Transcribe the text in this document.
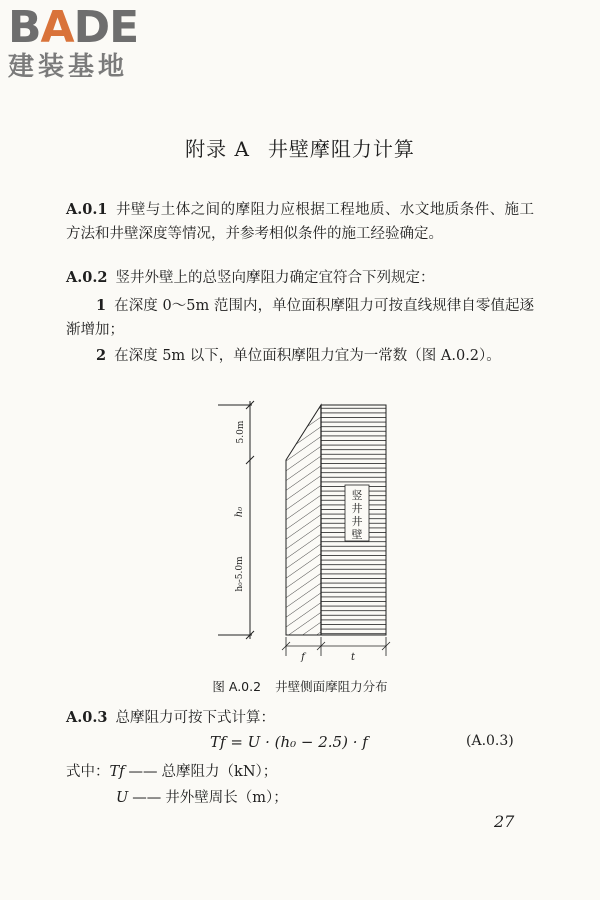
BADE
建装基地
附录 A 井壁摩阻力计算
A.0.1 井壁与土体之间的摩阻力应根据工程地质、水文地质条件、施工方法和井壁深度等情况，并参考相似条件的施工经验确定。
A.0.2 竖井外壁上的总竖向摩阻力确定宜符合下列规定：
1 在深度 0～5m 范围内，单位面积摩阻力可按直线规律自零值起逐渐增加；
2 在深度 5m 以下，单位面积摩阻力宜为一常数（图 A.0.2）。
竖井井壁
5.0m
h₀
h₀-5.0m
f	t
图 A.0.2 井壁侧面摩阻力分布
A.0.3 总摩阻力可按下式计算：
Tf = U · (h₀ − 2.5) · f	(A.0.3)
式中：Tf —— 总摩阻力（kN）；
U —— 井外壁周长（m）；
27
